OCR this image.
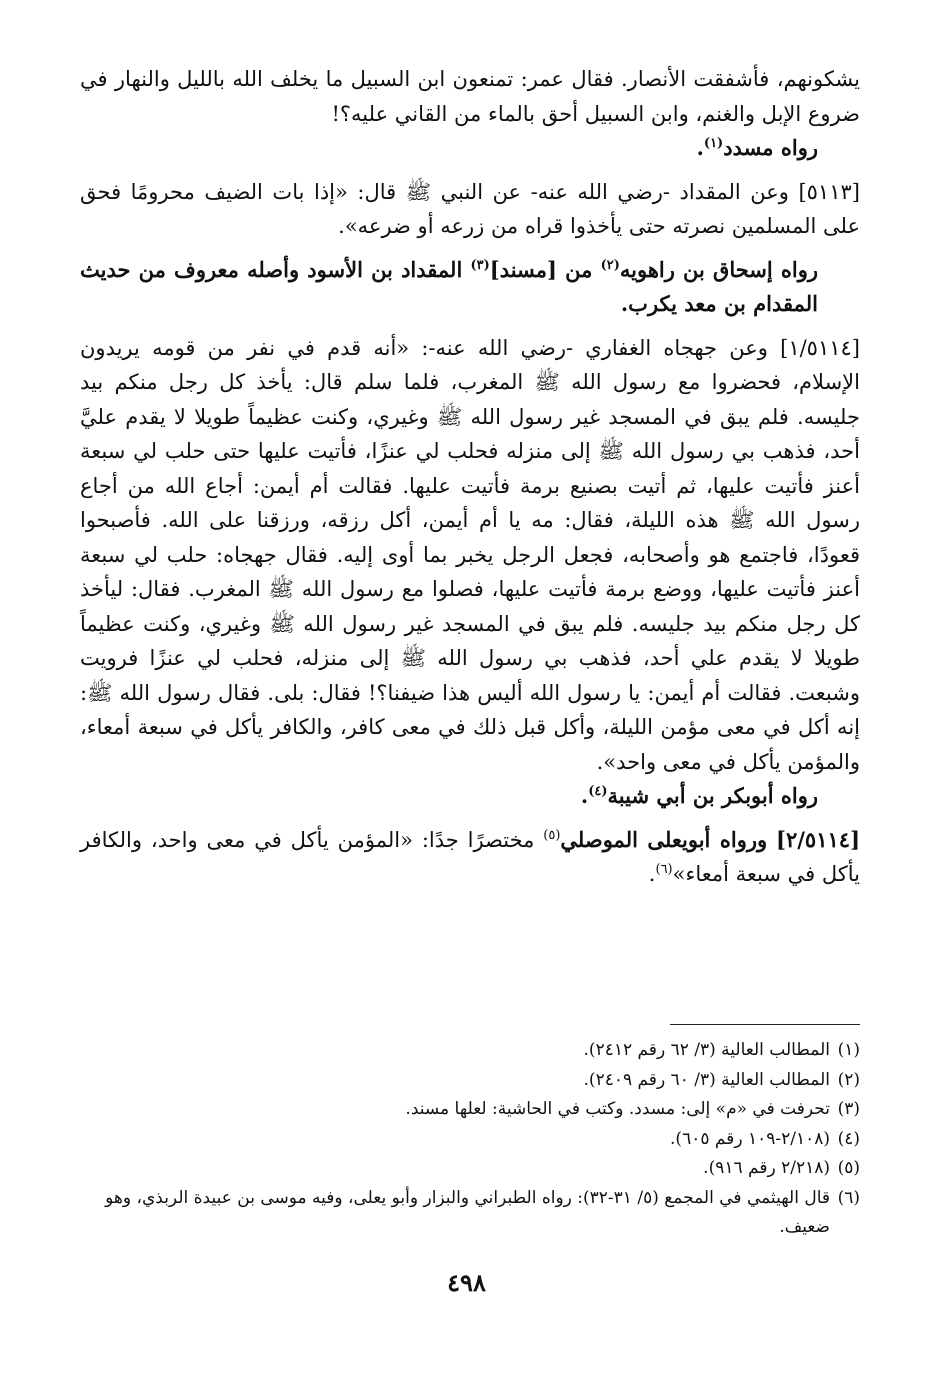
يشكونهم، فأشفقت الأنصار. فقال عمر: تمنعون ابن السبيل ما يخلف الله بالليل والنهار في ضروع الإبل والغنم، وابن السبيل أحق بالماء من القاني عليه؟!

رواه مسدد$^{(١)}$.

[٥١١٣] وعن المقداد -رضي الله عنه- عن النبي ﷺ قال: «إذا بات الضيف محرومًا فحق على المسلمين نصرته حتى يأخذوا قراه من زرعه أو ضرعه».

رواه إسحاق بن راهويه$^{(٢)}$ من [مسند]$^{(٣)}$ المقداد بن الأسود وأصله معروف من حديث المقدام بن معد يكرب.

[١/٥١١٤] وعن جهجاه الغفاري -رضي الله عنه-: «أنه قدم في نفر من قومه يريدون الإسلام، فحضروا مع رسول الله ﷺ المغرب، فلما سلم قال: يأخذ كل رجل منكم بيد جليسه. فلم يبق في المسجد غير رسول الله ﷺ وغيري، وكنت عظيماً طويلا لا يقدم عليَّ أحد، فذهب بي رسول الله ﷺ إلى منزله فحلب لي عنزًا، فأتيت عليها حتى حلب لي سبعة أعنز فأتيت عليها، ثم أتيت بصنيع برمة فأتيت عليها. فقالت أم أيمن: أجاع الله من أجاع رسول الله ﷺ هذه الليلة، فقال: مه يا أم أيمن، أكل رزقه، ورزقنا على الله. فأصبحوا قعودًا، فاجتمع هو وأصحابه، فجعل الرجل يخبر بما أوى إليه. فقال جهجاه: حلب لي سبعة أعنز فأتيت عليها، ووضع برمة فأتيت عليها، فصلوا مع رسول الله ﷺ المغرب. فقال: ليأخذ كل رجل منكم بيد جليسه. فلم يبق في المسجد غير رسول الله ﷺ وغيري، وكنت عظيماً طويلا لا يقدم علي أحد، فذهب بي رسول الله ﷺ إلى منزله، فحلب لي عنزًا فرويت وشبعت. فقالت أم أيمن: يا رسول الله أليس هذا ضيفنا؟! فقال: بلى. فقال رسول الله ﷺ: إنه أكل في معى مؤمن الليلة، وأكل قبل ذلك في معى كافر، والكافر يأكل في سبعة أمعاء، والمؤمن يأكل في معى واحد».

رواه أبوبكر بن أبي شيبة$^{(٤)}$.

[٢/٥١١٤] ورواه أبويعلى الموصلي$^{(٥)}$ مختصرًا جدًا: «المؤمن يأكل في معى واحد، والكافر يأكل في سبعة أمعاء»$^{(٦)}$.

(١)
المطالب العالية (٣/ ٦٢ رقم ٢٤١٢).

(٢)
المطالب العالية (٣/ ٦٠ رقم ٢٤٠٩).

(٣)
تحرفت في «م» إلى: مسدد. وكتب في الحاشية: لعلها مسند.

(٤)
(٢/١٠٨-١٠٩ رقم ٦٠٥).

(٥)
(٢/٢١٨ رقم ٩١٦).

(٦)
قال الهيثمي في المجمع (٥/ ٣١-٣٢): رواه الطبراني والبزار وأبو يعلى، وفيه موسى بن عبيدة الربذي، وهو ضعيف.

٤٩٨
